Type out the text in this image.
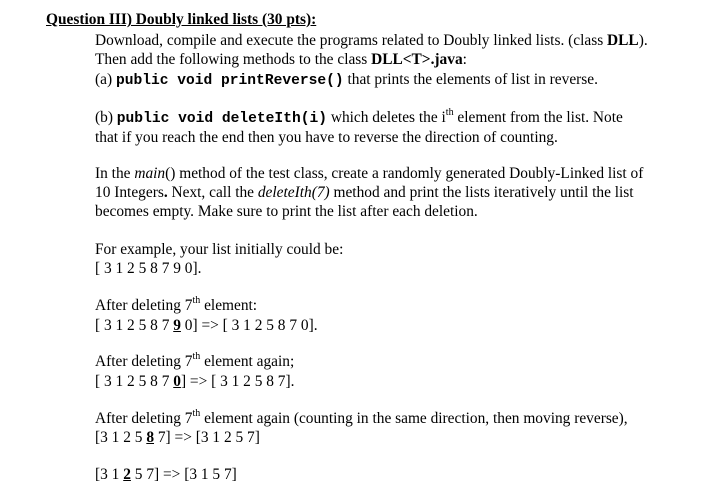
Question III) Doubly linked lists (30 pts):
Download, compile and execute the programs related to Doubly linked lists. (class DLL).
Then add the following methods to the class DLL<T>.java:
(a) public void printReverse() that prints the elements of list in reverse.
(b) public void deleteIth(i) which deletes the $i^{th}$ element from the list. Note
that if you reach the end then you have to reverse the direction of counting.
In the main() method of the test class, create a randomly generated Doubly-Linked list of
10 Integers. Next, call the deleteIth(7) method and print the lists iteratively until the list
becomes empty. Make sure to print the list after each deletion.
For example, your list initially could be:
[ 3 1 2 5 8 7 9 0].
After deleting 7th element:
[ 3 1 2 5 8 7 9 0] => [ 3 1 2 5 8 7 0].
After deleting 7th element again;
[ 3 1 2 5 8 7 0] => [ 3 1 2 5 8 7].
After deleting 7th element again (counting in the same direction, then moving reverse),
[3 1 2 5 8 7] => [3 1 2 5 7]
[3 1 2 5 7] => [3 1 5 7]
